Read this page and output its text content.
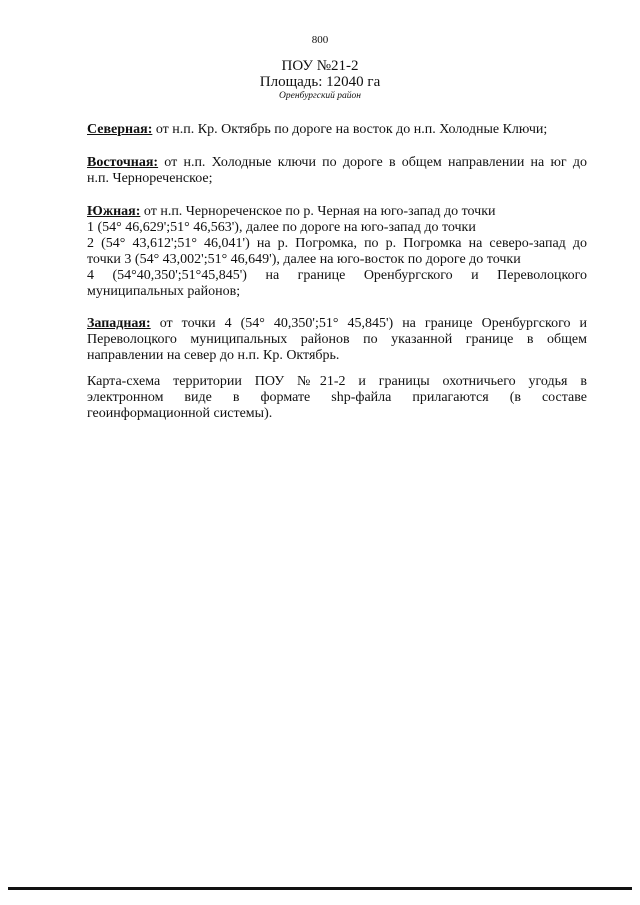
800
ПОУ №21-2
Площадь: 12040 га
Оренбургский район

Северная: от н.п. Кр. Октябрь по дороге на восток до н.п. Холодные Ключи;

Восточная: от н.п. Холодные ключи по дороге в общем направлении на юг до
н.п. Чернореченское;

Южная: от н.п. Чернореченское по р. Черная на юго-запад до точки
1 (54° 46,629';51° 46,563'), далее по дороге на юго-запад до точки
2 (54° 43,612';51° 46,041') на р. Погромка, по р. Погромка на северо-запад до
точки 3 (54° 43,002';51° 46,649'), далее на юго-восток по дороге до точки
4 (54°40,350';51°45,845') на границе Оренбургского и Переволоцкого
муниципальных районов;

Западная: от точки 4 (54° 40,350';51° 45,845') на границе Оренбургского и
Переволоцкого муниципальных районов по указанной границе в общем
направлении на север до н.п. Кр. Октябрь.

Карта-схема территории ПОУ №21-2 и границы охотничьего угодья в
электронном виде в формате shp-файла прилагаются (в составе
геоинформационной системы).
